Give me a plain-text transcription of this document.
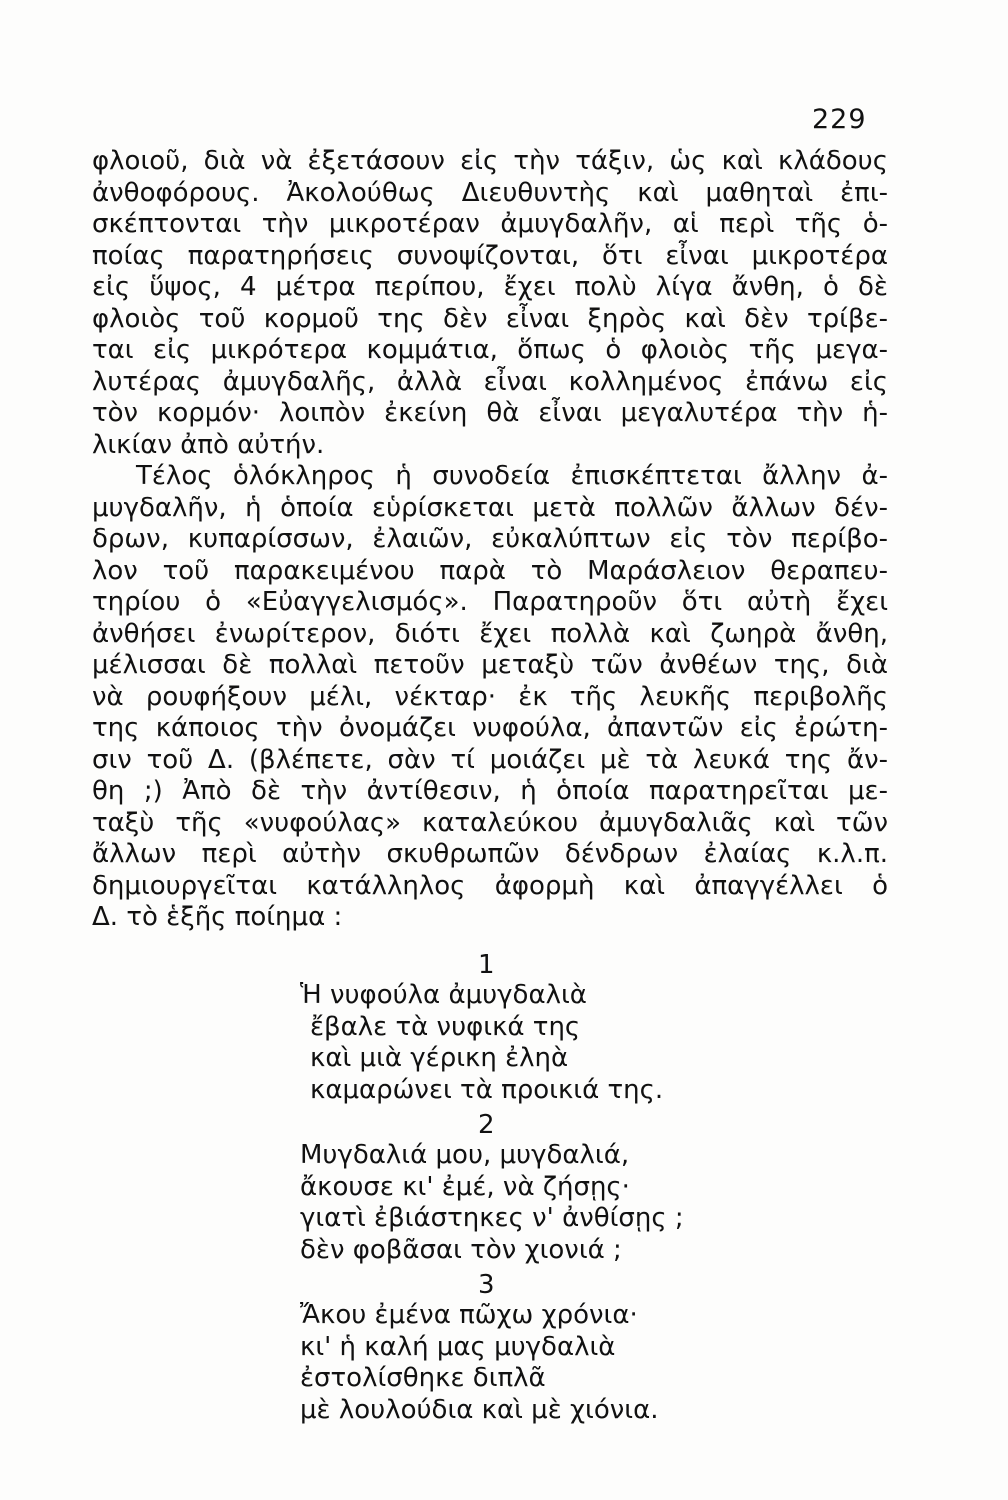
229
φλοιοῦ, διὰ νὰ ἐξετάσουν εἰς τὴν τάξιν, ὡς καὶ κλάδους
ἀνθοφόρους. Ἀκολούθως Διευθυντὴς καὶ μαθηταὶ ἐπι-
σκέπτονται τὴν μικροτέραν ἀμυγδαλῆν, αἱ περὶ τῆς ὁ-
ποίας παρατηρήσεις συνοψίζονται, ὅτι εἶναι μικροτέρα
εἰς ὕψος, 4 μέτρα περίπου, ἔχει πολὺ λίγα ἄνθη, ὁ δὲ
φλοιὸς τοῦ κορμοῦ της δὲν εἶναι ξηρὸς καὶ δὲν τρίβε-
ται εἰς μικρότερα κομμάτια, ὅπως ὁ φλοιὸς τῆς μεγα-
λυτέρας ἀμυγδαλῆς, ἀλλὰ εἶναι κολλημένος ἐπάνω εἰς
τὸν κορμόν· λοιπὸν ἐκείνη θὰ εἶναι μεγαλυτέρα τὴν ἡ-
λικίαν ἀπὸ αὐτήν.
Τέλος ὁλόκληρος ἡ συνοδεία ἐπισκέπτεται ἄλλην ἀ-
μυγδαλῆν, ἡ ὁποία εὑρίσκεται μετὰ πολλῶν ἄλλων δέν-
δρων, κυπαρίσσων, ἐλαιῶν, εὐκαλύπτων εἰς τὸν περίβο-
λον τοῦ παρακειμένου παρὰ τὸ Μαράσλειον θεραπευ-
τηρίου ὁ «Εὐαγγελισμός». Παρατηροῦν ὅτι αὐτὴ ἔχει
ἀνθήσει ἐνωρίτερον, διότι ἔχει πολλὰ καὶ ζωηρὰ ἄνθη,
μέλισσαι δὲ πολλαὶ πετοῦν μεταξὺ τῶν ἀνθέων της, διὰ
νὰ ρουφήξουν μέλι, νέκταρ· ἐκ τῆς λευκῆς περιβολῆς
της κάποιος τὴν ὀνομάζει νυφούλα, ἀπαντῶν εἰς ἐρώτη-
σιν τοῦ Δ. (βλέπετε, σὰν τί μοιάζει μὲ τὰ λευκά της ἄν-
θη ;) Ἀπὸ δὲ τὴν ἀντίθεσιν, ἡ ὁποία παρατηρεῖται με-
ταξὺ τῆς «νυφούλας» καταλεύκου ἀμυγδαλιᾶς καὶ τῶν
ἄλλων περὶ αὐτὴν σκυθρωπῶν δένδρων ἐλαίας κ.λ.π.
δημιουργεῖται κατάλληλος ἀφορμὴ καὶ ἀπαγγέλλει ὁ
Δ. τὸ ἑξῆς ποίημα :
1
Ἡ νυφούλα ἀμυγδαλιὰ
ἔβαλε τὰ νυφικά της
καὶ μιὰ γέρικη ἐληὰ
καμαρώνει τὰ προικιά της.
2
Μυγδαλιά μου, μυγδαλιά,
ἄκουσε κι' ἐμέ, νὰ ζήσῃς·
γιατὶ ἐβιάστηκες ν' ἀνθίσῃς ;
δὲν φοβᾶσαι τὸν χιονιά ;
3
Ἄκου ἐμένα πῶχω χρόνια·
κι' ἡ καλή μας μυγδαλιὰ
ἐστολίσθηκε διπλᾶ
μὲ λουλούδια καὶ μὲ χιόνια.
